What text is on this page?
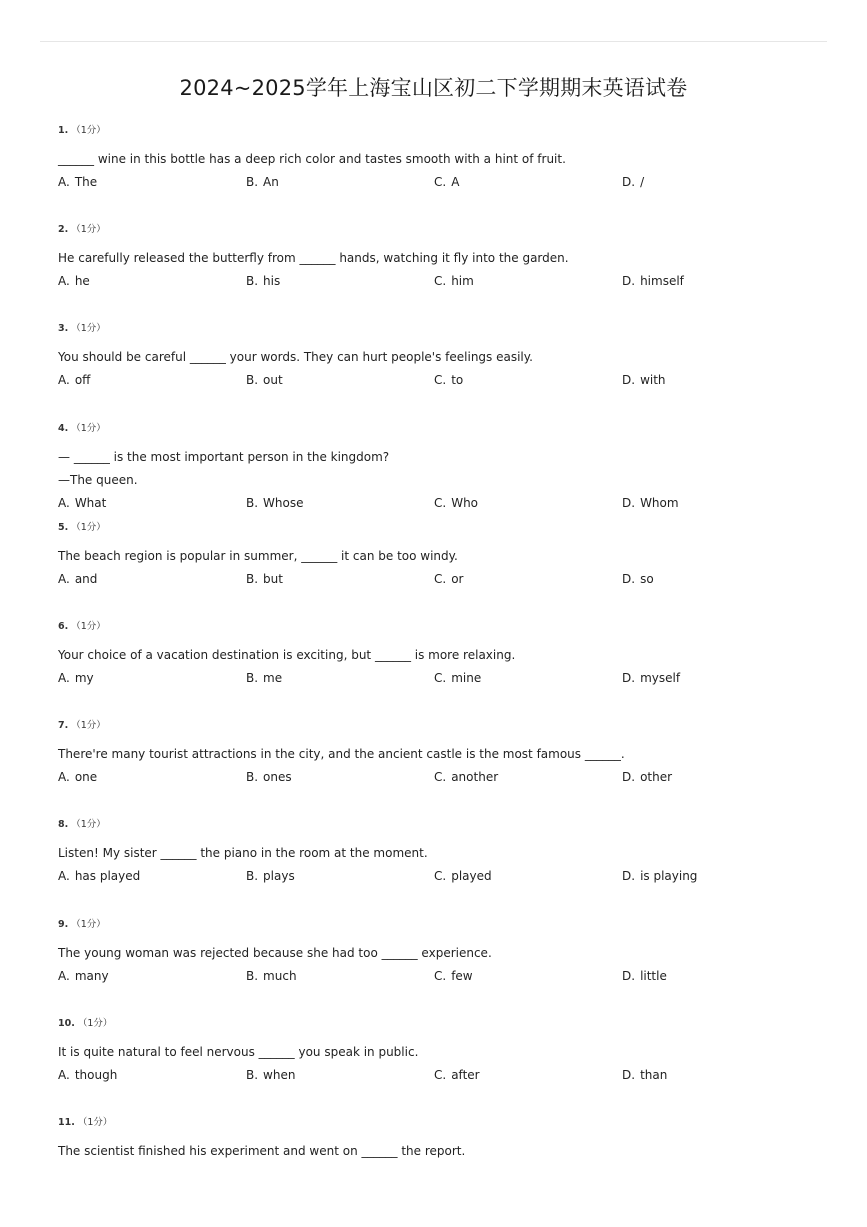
2024~2025学年上海宝山区初二下学期期末英语试卷
1. （1分）
______ wine in this bottle has a deep rich color and tastes smooth with a hint of fruit.
A. The	B. An	C. A	D. /
2. （1分）
He carefully released the butterfly from ______ hands, watching it fly into the garden.
A. he	B. his	C. him	D. himself
3. （1分）
You should be careful ______ your words. They can hurt people's feelings easily.
A. off	B. out	C. to	D. with
4. （1分）
— ______ is the most important person in the kingdom?
—The queen.
A. What	B. Whose	C. Who	D. Whom
5. （1分）
The beach region is popular in summer, ______ it can be too windy.
A. and	B. but	C. or	D. so
6. （1分）
Your choice of a vacation destination is exciting, but ______ is more relaxing.
A. my	B. me	C. mine	D. myself
7. （1分）
There're many tourist attractions in the city, and the ancient castle is the most famous ______.
A. one	B. ones	C. another	D. other
8. （1分）
Listen! My sister ______ the piano in the room at the moment.
A. has played	B. plays	C. played	D. is playing
9. （1分）
The young woman was rejected because she had too ______ experience.
A. many	B. much	C. few	D. little
10. （1分）
It is quite natural to feel nervous ______ you speak in public.
A. though	B. when	C. after	D. than
11. （1分）
The scientist finished his experiment and went on ______ the report.
